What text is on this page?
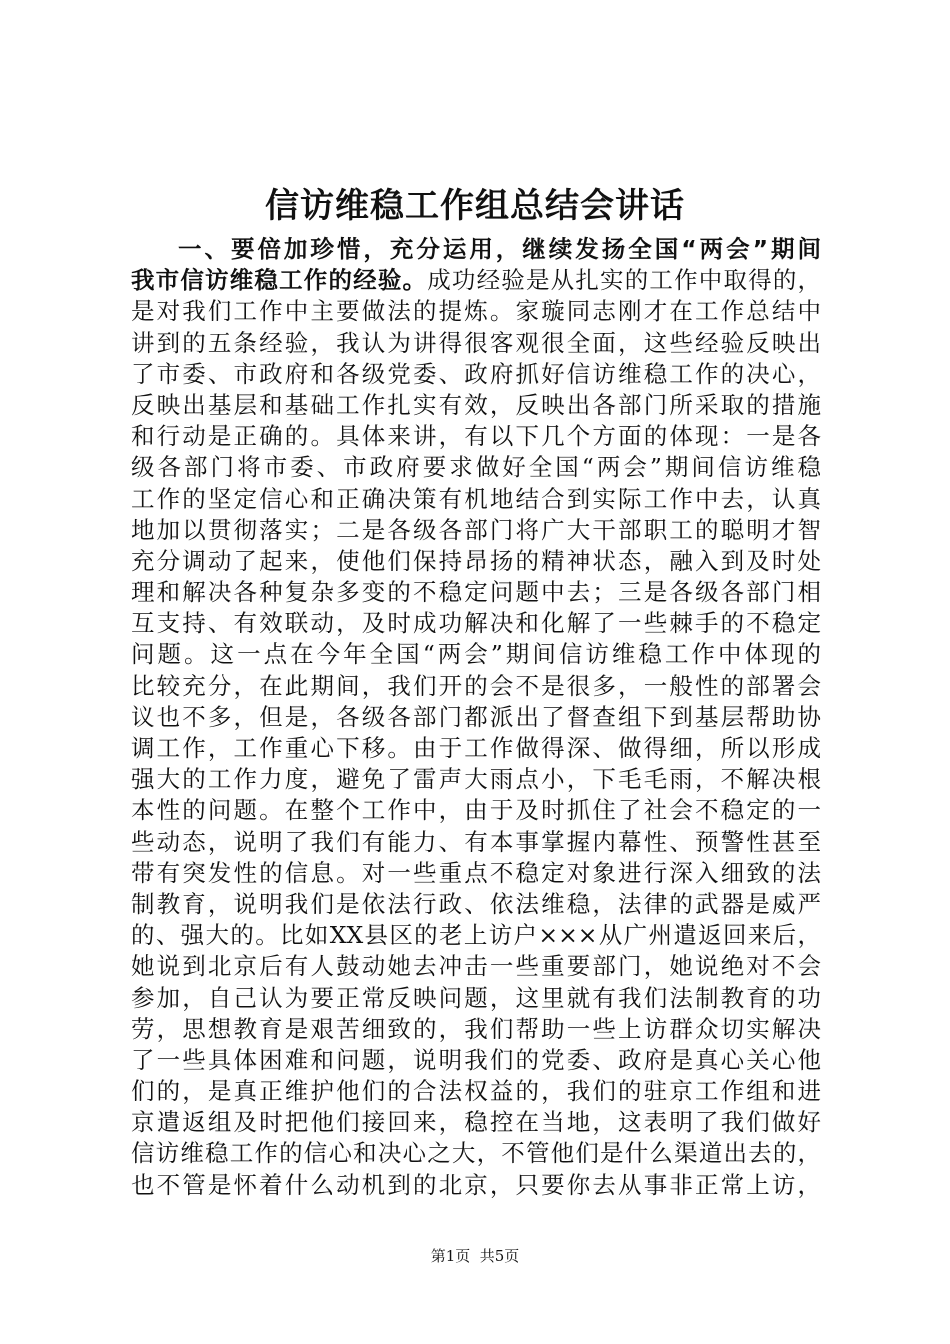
信访维稳工作组总结会讲话
一、要倍加珍惜，充分运用，继续发扬全国“两会”期间
我市信访维稳工作的经验。成功经验是从扎实的工作中取得的，
是对我们工作中主要做法的提炼。家璇同志刚才在工作总结中
讲到的五条经验，我认为讲得很客观很全面，这些经验反映出
了市委、市政府和各级党委、政府抓好信访维稳工作的决心，
反映出基层和基础工作扎实有效，反映出各部门所采取的措施
和行动是正确的。具体来讲，有以下几个方面的体现：一是各
级各部门将市委、市政府要求做好全国“两会”期间信访维稳
工作的坚定信心和正确决策有机地结合到实际工作中去，认真
地加以贯彻落实；二是各级各部门将广大干部职工的聪明才智
充分调动了起来，使他们保持昂扬的精神状态，融入到及时处
理和解决各种复杂多变的不稳定问题中去；三是各级各部门相
互支持、有效联动，及时成功解决和化解了一些棘手的不稳定
问题。这一点在今年全国“两会”期间信访维稳工作中体现的
比较充分，在此期间，我们开的会不是很多，一般性的部署会
议也不多，但是，各级各部门都派出了督查组下到基层帮助协
调工作，工作重心下移。由于工作做得深、做得细，所以形成
强大的工作力度，避免了雷声大雨点小，下毛毛雨，不解决根
本性的问题。在整个工作中，由于及时抓住了社会不稳定的一
些动态，说明了我们有能力、有本事掌握内幕性、预警性甚至
带有突发性的信息。对一些重点不稳定对象进行深入细致的法
制教育，说明我们是依法行政、依法维稳，法律的武器是威严
的、强大的。比如XX县区的老上访户×××从广州遣返回来后，
她说到北京后有人鼓动她去冲击一些重要部门，她说绝对不会
参加，自己认为要正常反映问题，这里就有我们法制教育的功
劳，思想教育是艰苦细致的，我们帮助一些上访群众切实解决
了一些具体困难和问题，说明我们的党委、政府是真心关心他
们的，是真正维护他们的合法权益的，我们的驻京工作组和进
京遣返组及时把他们接回来，稳控在当地，这表明了我们做好
信访维稳工作的信心和决心之大，不管他们是什么渠道出去的，
也不管是怀着什么动机到的北京，只要你去从事非正常上访，
第1页  共5页
